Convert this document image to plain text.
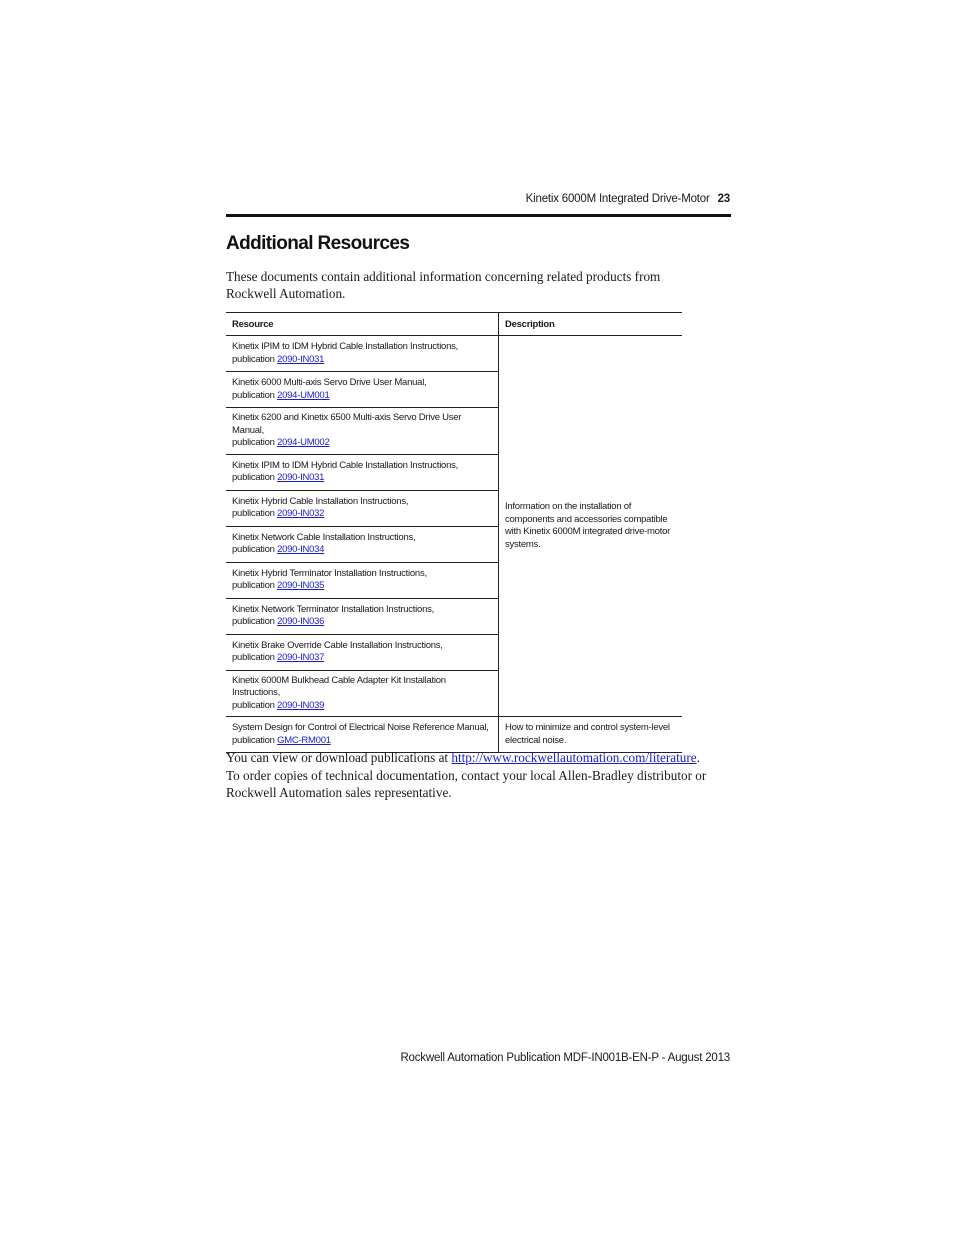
Kinetix 6000M Integrated Drive-Motor 23
Additional Resources

These documents contain additional information concerning related products from Rockwell Automation.

Resource	Description
Kinetix IPIM to IDM Hybrid Cable Installation Instructions,
publication 2090-IN031	Information on the installation of components and accessories compatible with Kinetix 6000M integrated drive-motor systems.
Kinetix 6000 Multi-axis Servo Drive User Manual,
publication 2094-UM001	
Kinetix 6200 and Kinetix 6500 Multi-axis Servo Drive User Manual,
publication 2094-UM002	
Kinetix IPIM to IDM Hybrid Cable Installation Instructions,
publication 2090-IN031	
Kinetix Hybrid Cable Installation Instructions,
publication 2090-IN032	
Kinetix Network Cable Installation Instructions,
publication 2090-IN034	
Kinetix Hybrid Terminator Installation Instructions,
publication 2090-IN035	
Kinetix Network Terminator Installation Instructions,
publication 2090-IN036	
Kinetix Brake Override Cable Installation Instructions,
publication 2090-IN037	
Kinetix 6000M Bulkhead Cable Adapter Kit Installation Instructions,
publication 2090-IN039	
System Design for Control of Electrical Noise Reference Manual,
publication GMC-RM001	How to minimize and control system-level electrical noise.

You can view or download publications at http://www.rockwellautomation.com/literature. To order copies of technical documentation, contact your local Allen-Bradley distributor or Rockwell Automation sales representative.

Rockwell Automation Publication MDF-IN001B-EN-P - August 2013
